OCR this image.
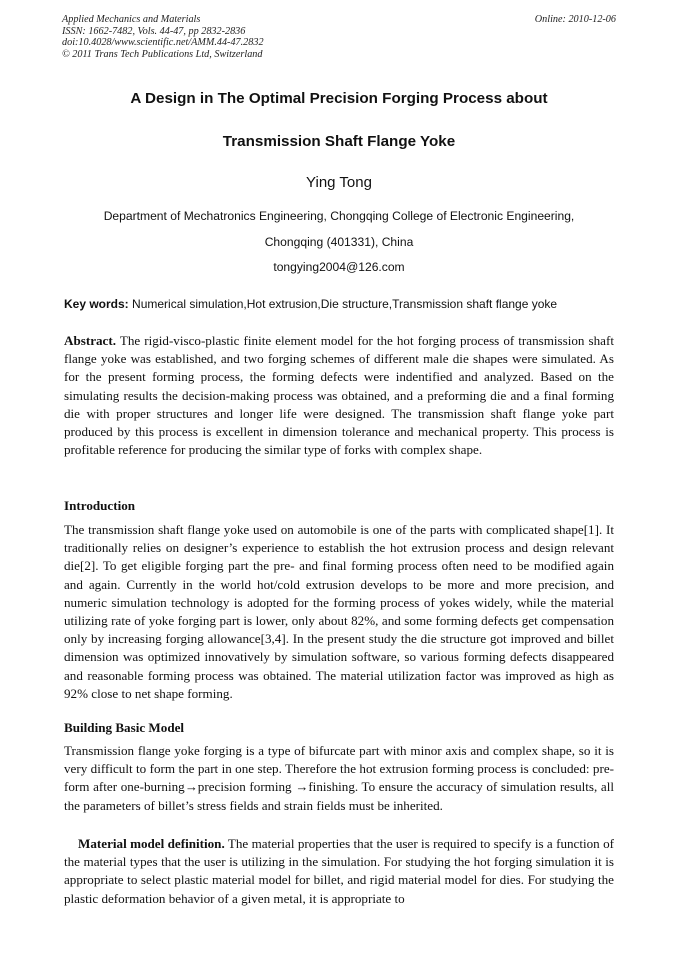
Applied Mechanics and Materials
ISSN: 1662-7482, Vols. 44-47, pp 2832-2836
doi:10.4028/www.scientific.net/AMM.44-47.2832
© 2011 Trans Tech Publications Ltd, Switzerland
Online: 2010-12-06
A Design in The Optimal Precision Forging Process about
Transmission Shaft Flange Yoke
Ying Tong
Department of Mechatronics Engineering, Chongqing College of Electronic Engineering,
Chongqing (401331), China
tongying2004@126.com
Key words: Numerical simulation,Hot extrusion,Die structure,Transmission shaft flange yoke

Abstract. The rigid-visco-plastic finite element model for the hot forging process of transmission shaft flange yoke was established, and two forging schemes of different male die shapes were simulated. As for the present forming process, the forming defects were indentified and analyzed. Based on the simulating results the decision-making process was obtained, and a preforming die and a final forming die with proper structures and longer life were designed. The transmission shaft flange yoke part produced by this process is excellent in dimension tolerance and mechanical property. This process is profitable reference for producing the similar type of forks with complex shape.

Introduction

The transmission shaft flange yoke used on automobile is one of the parts with complicated shape[1]. It traditionally relies on designer’s experience to establish the hot extrusion process and design relevant die[2]. To get eligible forging part the pre- and final forming process often need to be modified again and again. Currently in the world hot/cold extrusion develops to be more and more precision, and numeric simulation technology is adopted for the forming process of yokes widely, while the material utilizing rate of yoke forging part is lower, only about 82%, and some forming defects get compensation only by increasing forging allowance[3,4]. In the present study the die structure got improved and billet dimension was optimized innovatively by simulation software, so various forming defects disappeared and reasonable forming process was obtained. The material utilization factor was improved as high as 92% close to net shape forming.

Building Basic Model

Transmission flange yoke forging is a type of bifurcate part with minor axis and complex shape, so it is very difficult to form the part in one step. Therefore the hot extrusion forming process is concluded: pre-form after one-burning→precision forming →finishing. To ensure the accuracy of simulation results, all the parameters of billet’s stress fields and strain fields must be inherited.

Material model definition. The material properties that the user is required to specify is a function of the material types that the user is utilizing in the simulation. For studying the hot forging simulation it is appropriate to select plastic material model for billet, and rigid material model for dies. For studying the plastic deformation behavior of a given metal, it is appropriate to
